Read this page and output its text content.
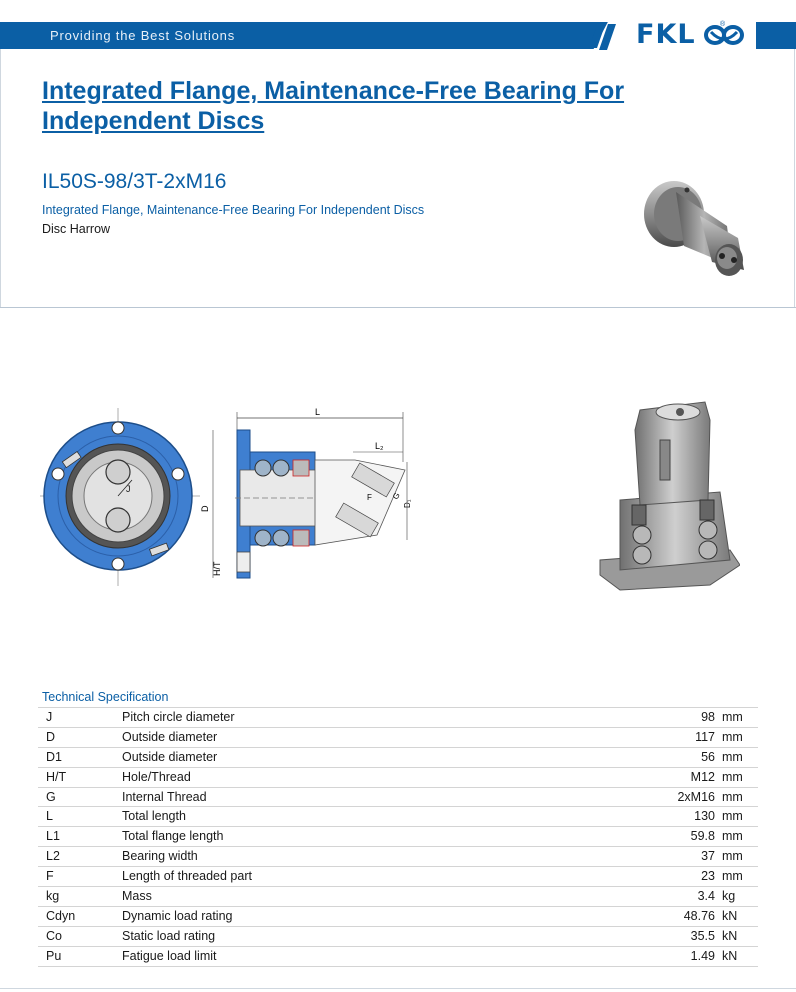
Providing the Best Solutions	FKL	®
Integrated Flange, Maintenance-Free Bearing For Independent Discs
IL50S-98/3T-2xM16
Integrated Flange, Maintenance-Free Bearing For Independent Discs
Disc Harrow
J
L
L₂
D
H/T
F G
D₁
Technical Specification
J	Pitch circle diameter	98 mm
D	Outside diameter	117 mm
D1	Outside diameter	56 mm
H/T	Hole/Thread	M12 mm
G	Internal Thread	2xM16 mm
L	Total length	130 mm
L1	Total flange length	59.8 mm
L2	Bearing width	37 mm
F	Length of threaded part	23 mm
kg	Mass	3.4 kg
Cdyn	Dynamic load rating	48.76 kN
Co	Static load rating	35.5 kN
Pu	Fatigue load limit	1.49 kN
